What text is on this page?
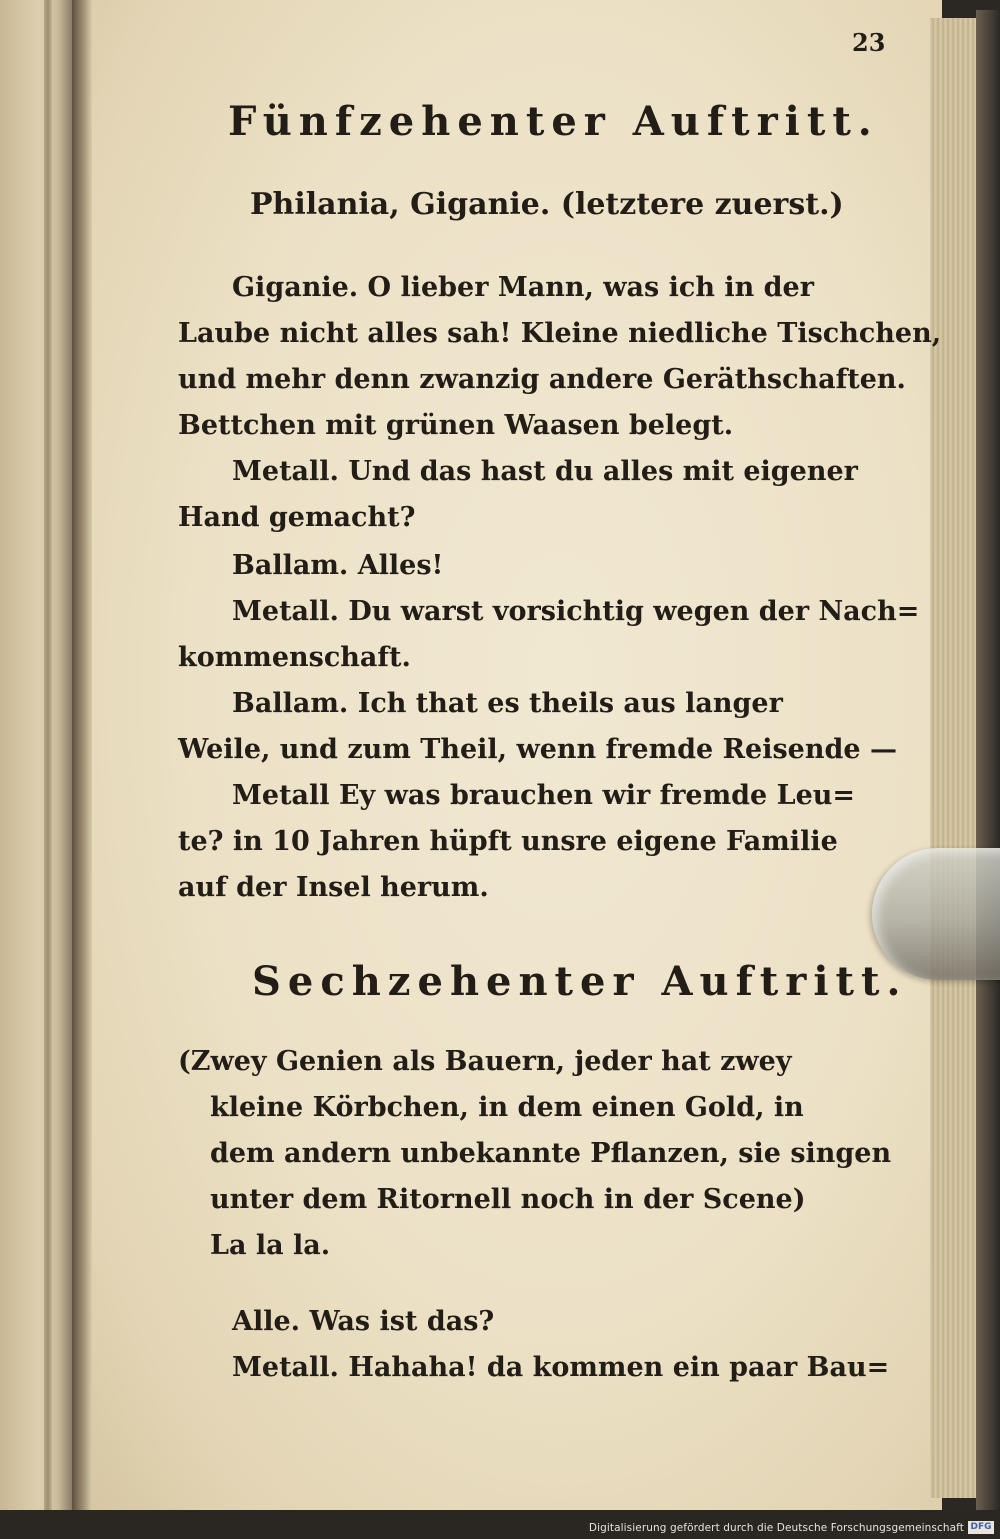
23
Fünfzehenter Auftritt.
Philania, Giganie. (letztere zuerst.)
Giganie. O lieber Mann, was ich in der
Laube nicht alles sah! Kleine niedliche Tischchen,
und mehr denn zwanzig andere Geräthschaften.
Bettchen mit grünen Waasen belegt.
Metall. Und das hast du alles mit eigener
Hand gemacht?
Ballam. Alles!
Metall. Du warst vorsichtig wegen der Nach=
kommenschaft.
Ballam. Ich that es theils aus langer
Weile, und zum Theil, wenn fremde Reisende —
Metall Ey was brauchen wir fremde Leu=
te? in 10 Jahren hüpft unsre eigene Familie
auf der Insel herum.
Sechzehenter Auftritt.
(Zwey Genien als Bauern, jeder hat zwey
kleine Körbchen, in dem einen Gold, in
dem andern unbekannte Pflanzen, sie singen
unter dem Ritornell noch in der Scene)
La la la.
Alle. Was ist das?
Metall. Hahaha! da kommen ein paar Bau=
Digitalisierung gefördert durch die Deutsche Forschungsgemeinschaft DFG
